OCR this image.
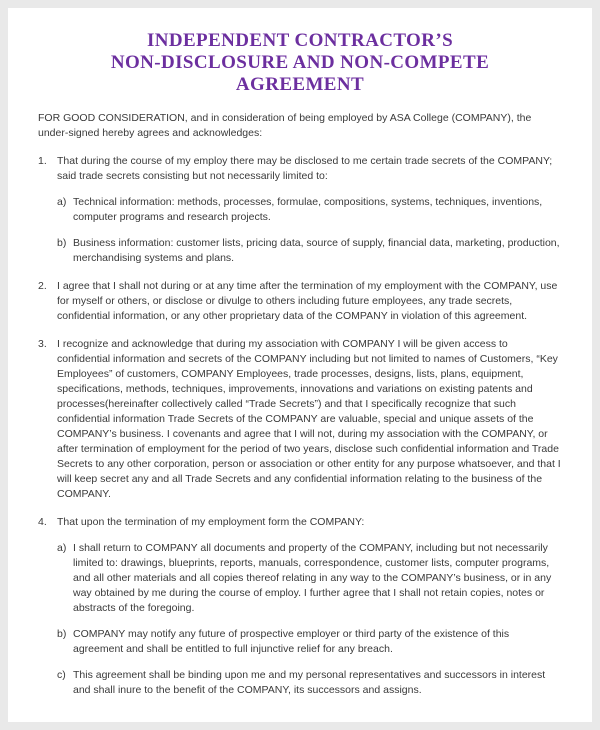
INDEPENDENT CONTRACTOR’S
NON-DISCLOSURE AND NON-COMPETE
AGREEMENT

FOR GOOD CONSIDERATION, and in consideration of being employed by ASA College (COMPANY), the under-signed hereby agrees and acknowledges:

1. That during the course of my employ there may be disclosed to me certain trade secrets of the COMPANY; said trade secrets consisting but not necessarily limited to:
a) Technical information: methods, processes, formulae, compositions, systems, techniques, inventions, computer programs and research projects.
b) Business information: customer lists, pricing data, source of supply, financial data, marketing, production, merchandising systems and plans.
2. I agree that I shall not during or at any time after the termination of my employment with the COMPANY, use for myself or others, or disclose or divulge to others including future employees, any trade secrets, confidential information, or any other proprietary data of the COMPANY in violation of this agreement.
3. I recognize and acknowledge that during my association with COMPANY I will be given access to confidential information and secrets of the COMPANY including but not limited to names of Customers, “Key Employees” of customers, COMPANY Employees, trade processes, designs, lists, plans, equipment, specifications, methods, techniques, improvements, innovations and variations on existing patents and processes(hereinafter collectively called “Trade Secrets”) and that I specifically recognize that such confidential information Trade Secrets of the COMPANY are valuable, special and unique assets of the COMPANY’s business. I covenants and agree that I will not, during my association with the COMPANY, or after termination of employment for the period of two years, disclose such confidential information and Trade Secrets to any other corporation, person or association or other entity for any purpose whatsoever, and that I will keep secret any and all Trade Secrets and any confidential information relating to the business of the COMPANY.
4. That upon the termination of my employment form the COMPANY:
a) I shall return to COMPANY all documents and property of the COMPANY, including but not necessarily limited to: drawings, blueprints, reports, manuals, correspondence, customer lists, computer programs, and all other materials and all copies thereof relating in any way to the COMPANY’s business, or in any way obtained by me during the course of employ. I further agree that I shall not retain copies, notes or abstracts of the foregoing.
b) COMPANY may notify any future of prospective employer or third party of the existence of this agreement and shall be entitled to full injunctive relief for any breach.
c) This agreement shall be binding upon me and my personal representatives and successors in interest and shall inure to the benefit of the COMPANY, its successors and assigns.
